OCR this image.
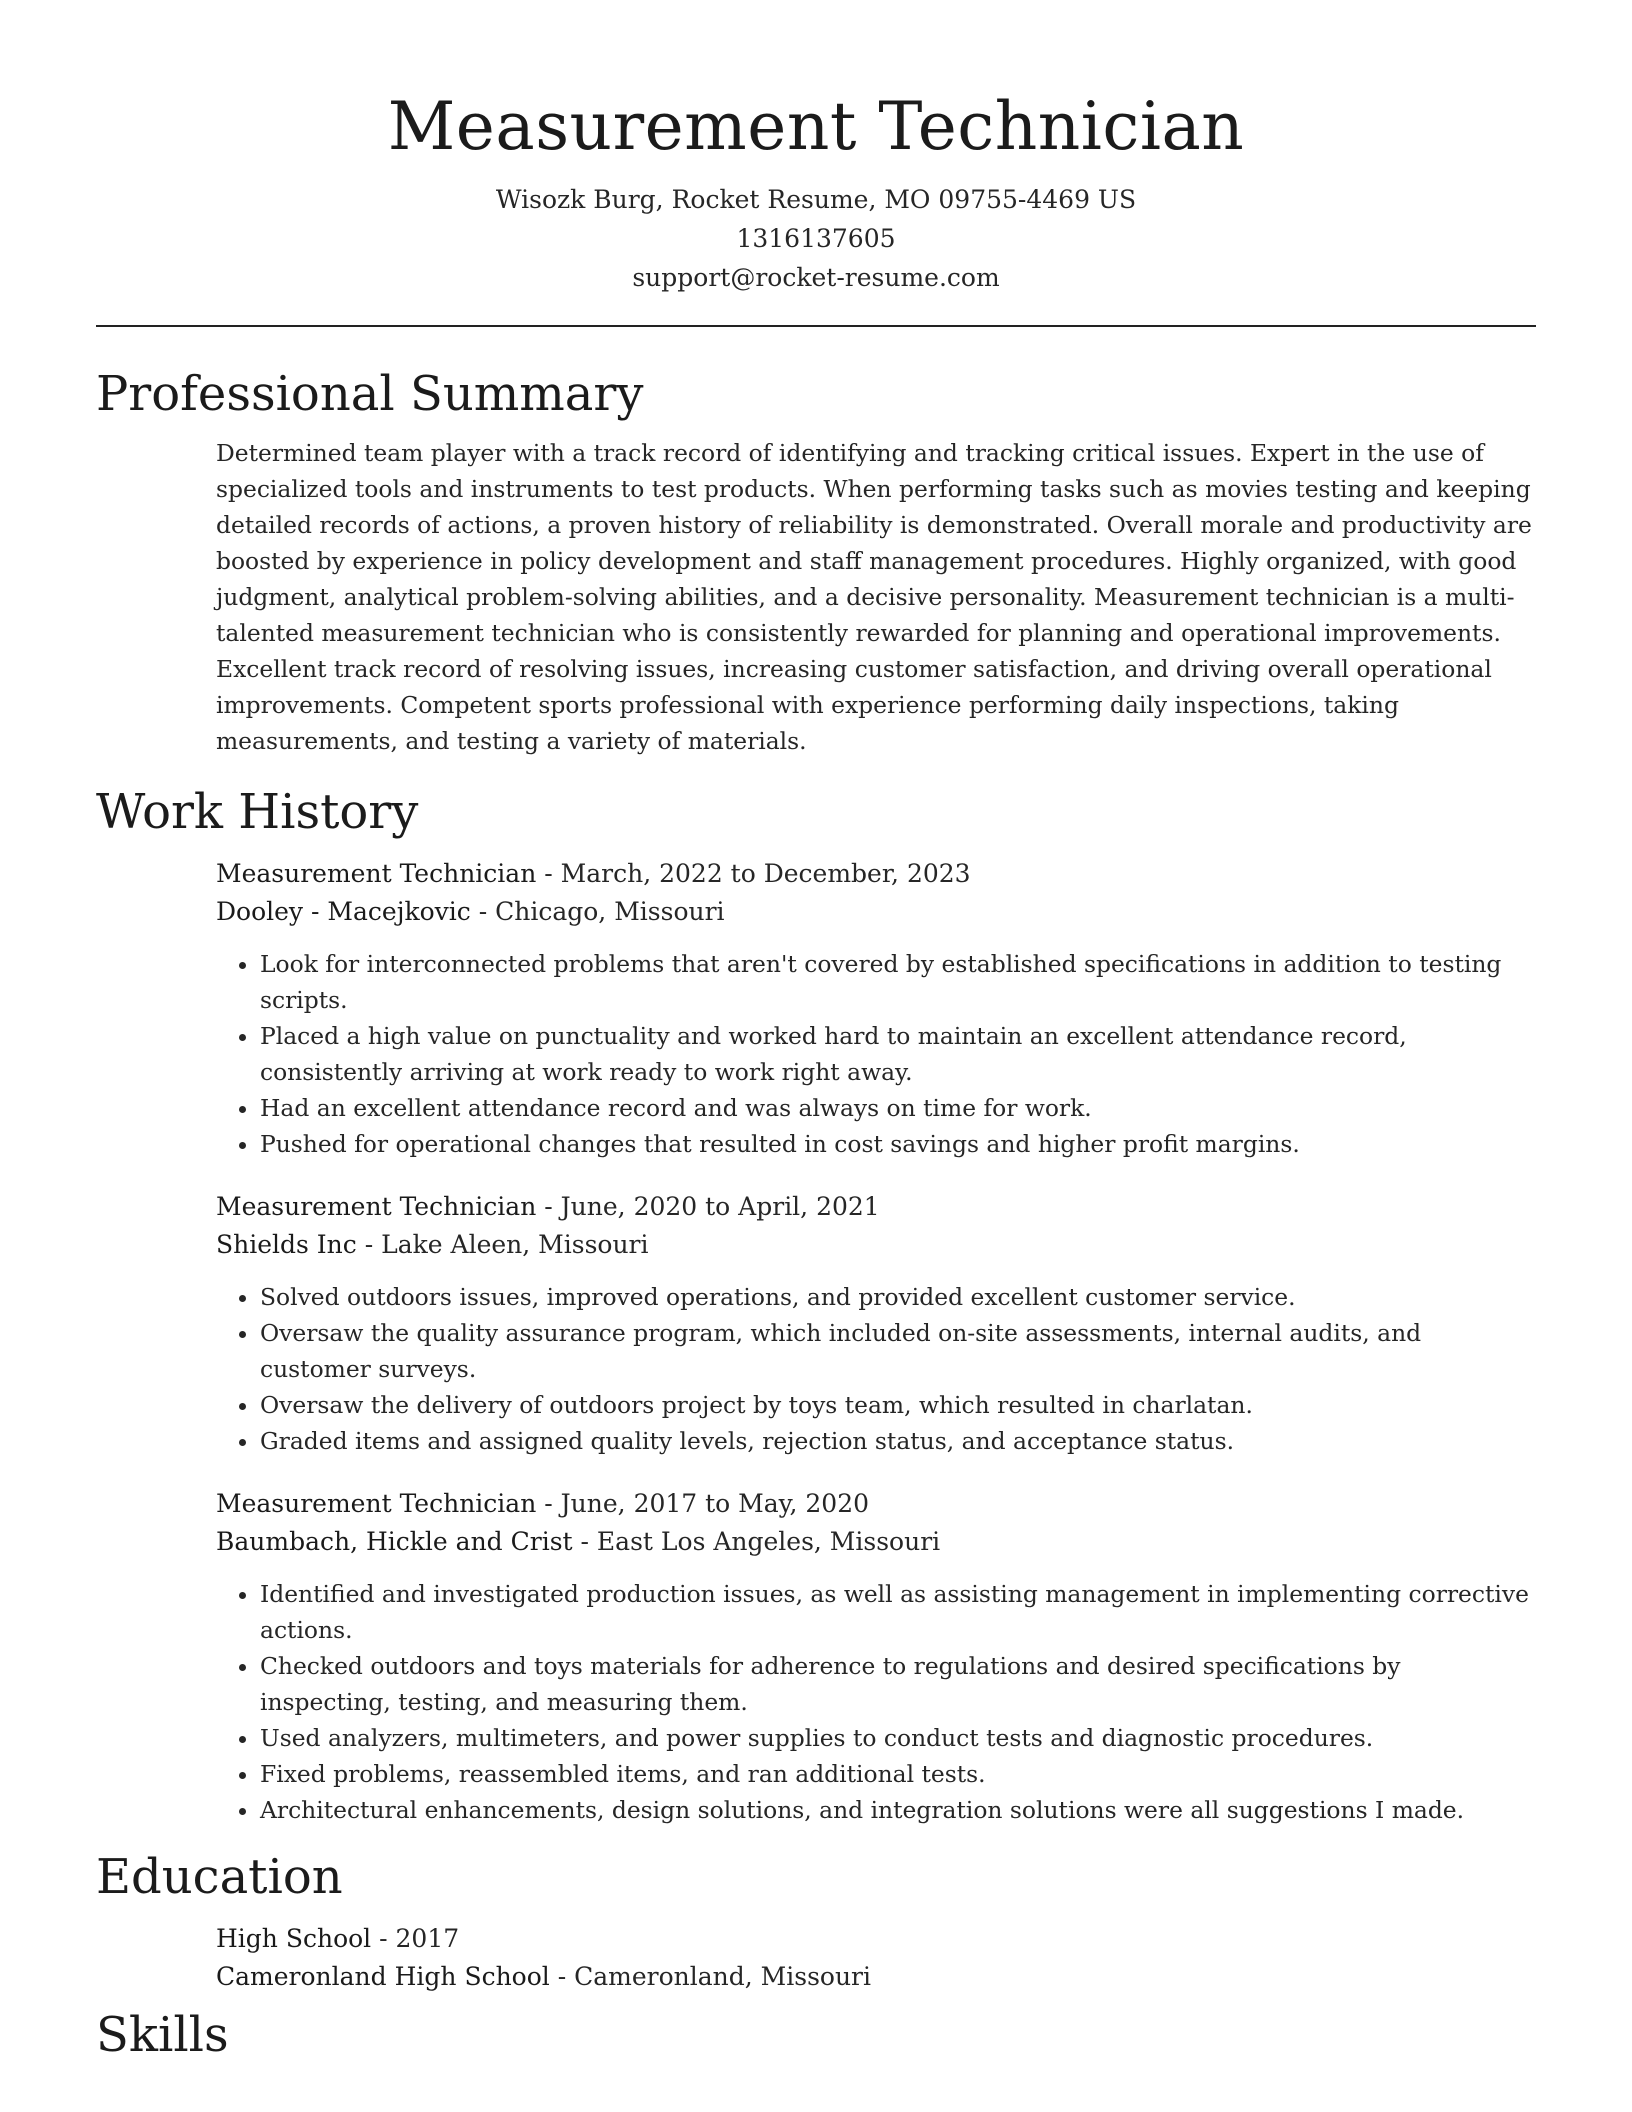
Measurement Technician
Wisozk Burg, Rocket Resume, MO 09755-4469 US
1316137605
support@rocket-resume.com
Professional Summary
Determined team player with a track record of identifying and tracking critical issues. Expert in the use of specialized tools and instruments to test products. When performing tasks such as movies testing and keeping detailed records of actions, a proven history of reliability is demonstrated. Overall morale and productivity are boosted by experience in policy development and staff management procedures. Highly organized, with good judgment, analytical problem-solving abilities, and a decisive personality. Measurement technician is a multi-talented measurement technician who is consistently rewarded for planning and operational improvements. Excellent track record of resolving issues, increasing customer satisfaction, and driving overall operational improvements. Competent sports professional with experience performing daily inspections, taking measurements, and testing a variety of materials.
Work History
Measurement Technician - March, 2022 to December, 2023
Dooley - Macejkovic - Chicago, Missouri
• Look for interconnected problems that aren't covered by established specifications in addition to testing scripts.
• Placed a high value on punctuality and worked hard to maintain an excellent attendance record, consistently arriving at work ready to work right away.
• Had an excellent attendance record and was always on time for work.
• Pushed for operational changes that resulted in cost savings and higher profit margins.
Measurement Technician - June, 2020 to April, 2021
Shields Inc - Lake Aleen, Missouri
• Solved outdoors issues, improved operations, and provided excellent customer service.
• Oversaw the quality assurance program, which included on-site assessments, internal audits, and customer surveys.
• Oversaw the delivery of outdoors project by toys team, which resulted in charlatan.
• Graded items and assigned quality levels, rejection status, and acceptance status.
Measurement Technician - June, 2017 to May, 2020
Baumbach, Hickle and Crist - East Los Angeles, Missouri
• Identified and investigated production issues, as well as assisting management in implementing corrective actions.
• Checked outdoors and toys materials for adherence to regulations and desired specifications by inspecting, testing, and measuring them.
• Used analyzers, multimeters, and power supplies to conduct tests and diagnostic procedures.
• Fixed problems, reassembled items, and ran additional tests.
• Architectural enhancements, design solutions, and integration solutions were all suggestions I made.
Education
High School - 2017
Cameronland High School - Cameronland, Missouri
Skills
